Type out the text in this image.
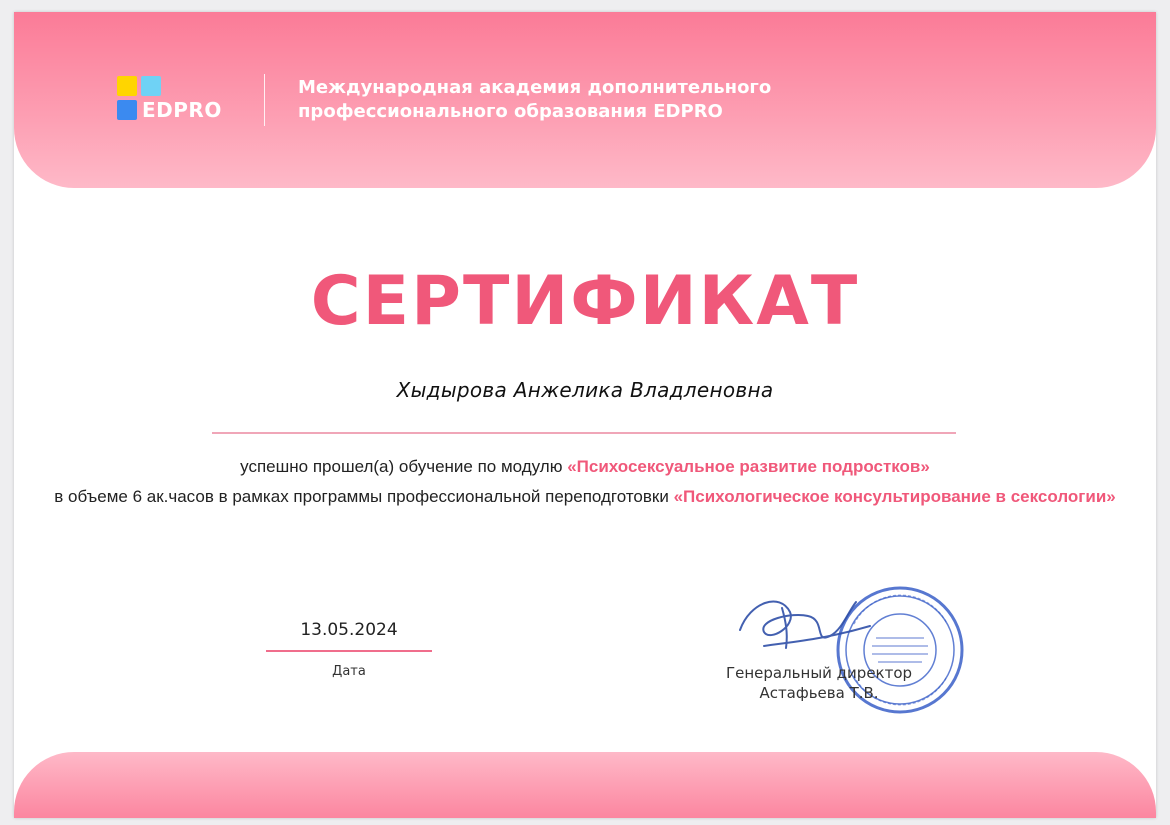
EDPRO
Международная академия дополнительного
профессионального образования EDPRO
СЕРТИФИКАТ
Хыдырова Анжелика Владленовна
успешно прошел(а) обучение по модулю «Психосексуальное развитие подростков»
в объеме 6 ак.часов в рамках программы профессиональной переподготовки «Психологическое консультирование в сексологии»
13.05.2024
Дата	Генеральный директор
Астафьева Т.В.
